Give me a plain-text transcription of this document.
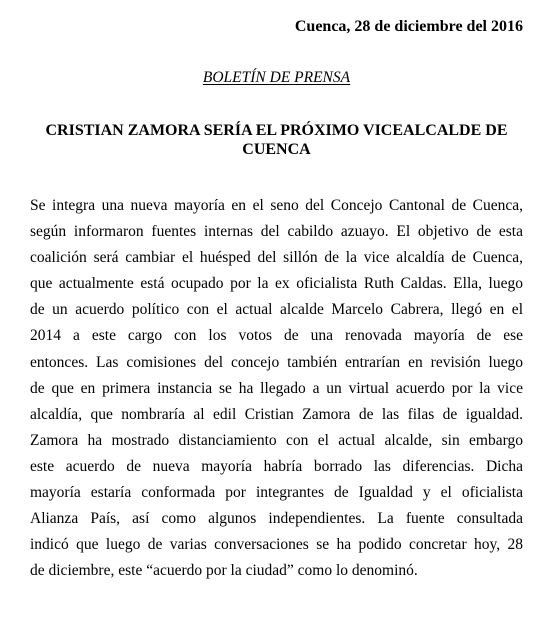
Cuenca, 28 de diciembre del 2016
BOLETÍN DE PRENSA
CRISTIAN ZAMORA SERÍA EL PRÓXIMO VICEALCALDE DE
CUENCA
Se integra una nueva mayoría en el seno del Concejo Cantonal de Cuenca,
según informaron fuentes internas del cabildo azuayo. El objetivo de esta
coalición será cambiar el huésped del sillón de la vice alcaldía de Cuenca,
que actualmente está ocupado por la ex oficialista Ruth Caldas. Ella, luego
de un acuerdo político con el actual alcalde Marcelo Cabrera, llegó en el
2014 a este cargo con los votos de una renovada mayoría de ese
entonces. Las comisiones del concejo también entrarían en revisión luego
de que en primera instancia se ha llegado a un virtual acuerdo por la vice
alcaldía, que nombraría al edil Cristian Zamora de las filas de igualdad.
Zamora ha mostrado distanciamiento con el actual alcalde, sin embargo
este acuerdo de nueva mayoría habría borrado las diferencias. Dicha
mayoría estaría conformada por integrantes de Igualdad y el oficialista
Alianza País, así como algunos independientes. La fuente consultada
indicó que luego de varias conversaciones se ha podido concretar hoy, 28
de diciembre, este “acuerdo por la ciudad” como lo denominó.
